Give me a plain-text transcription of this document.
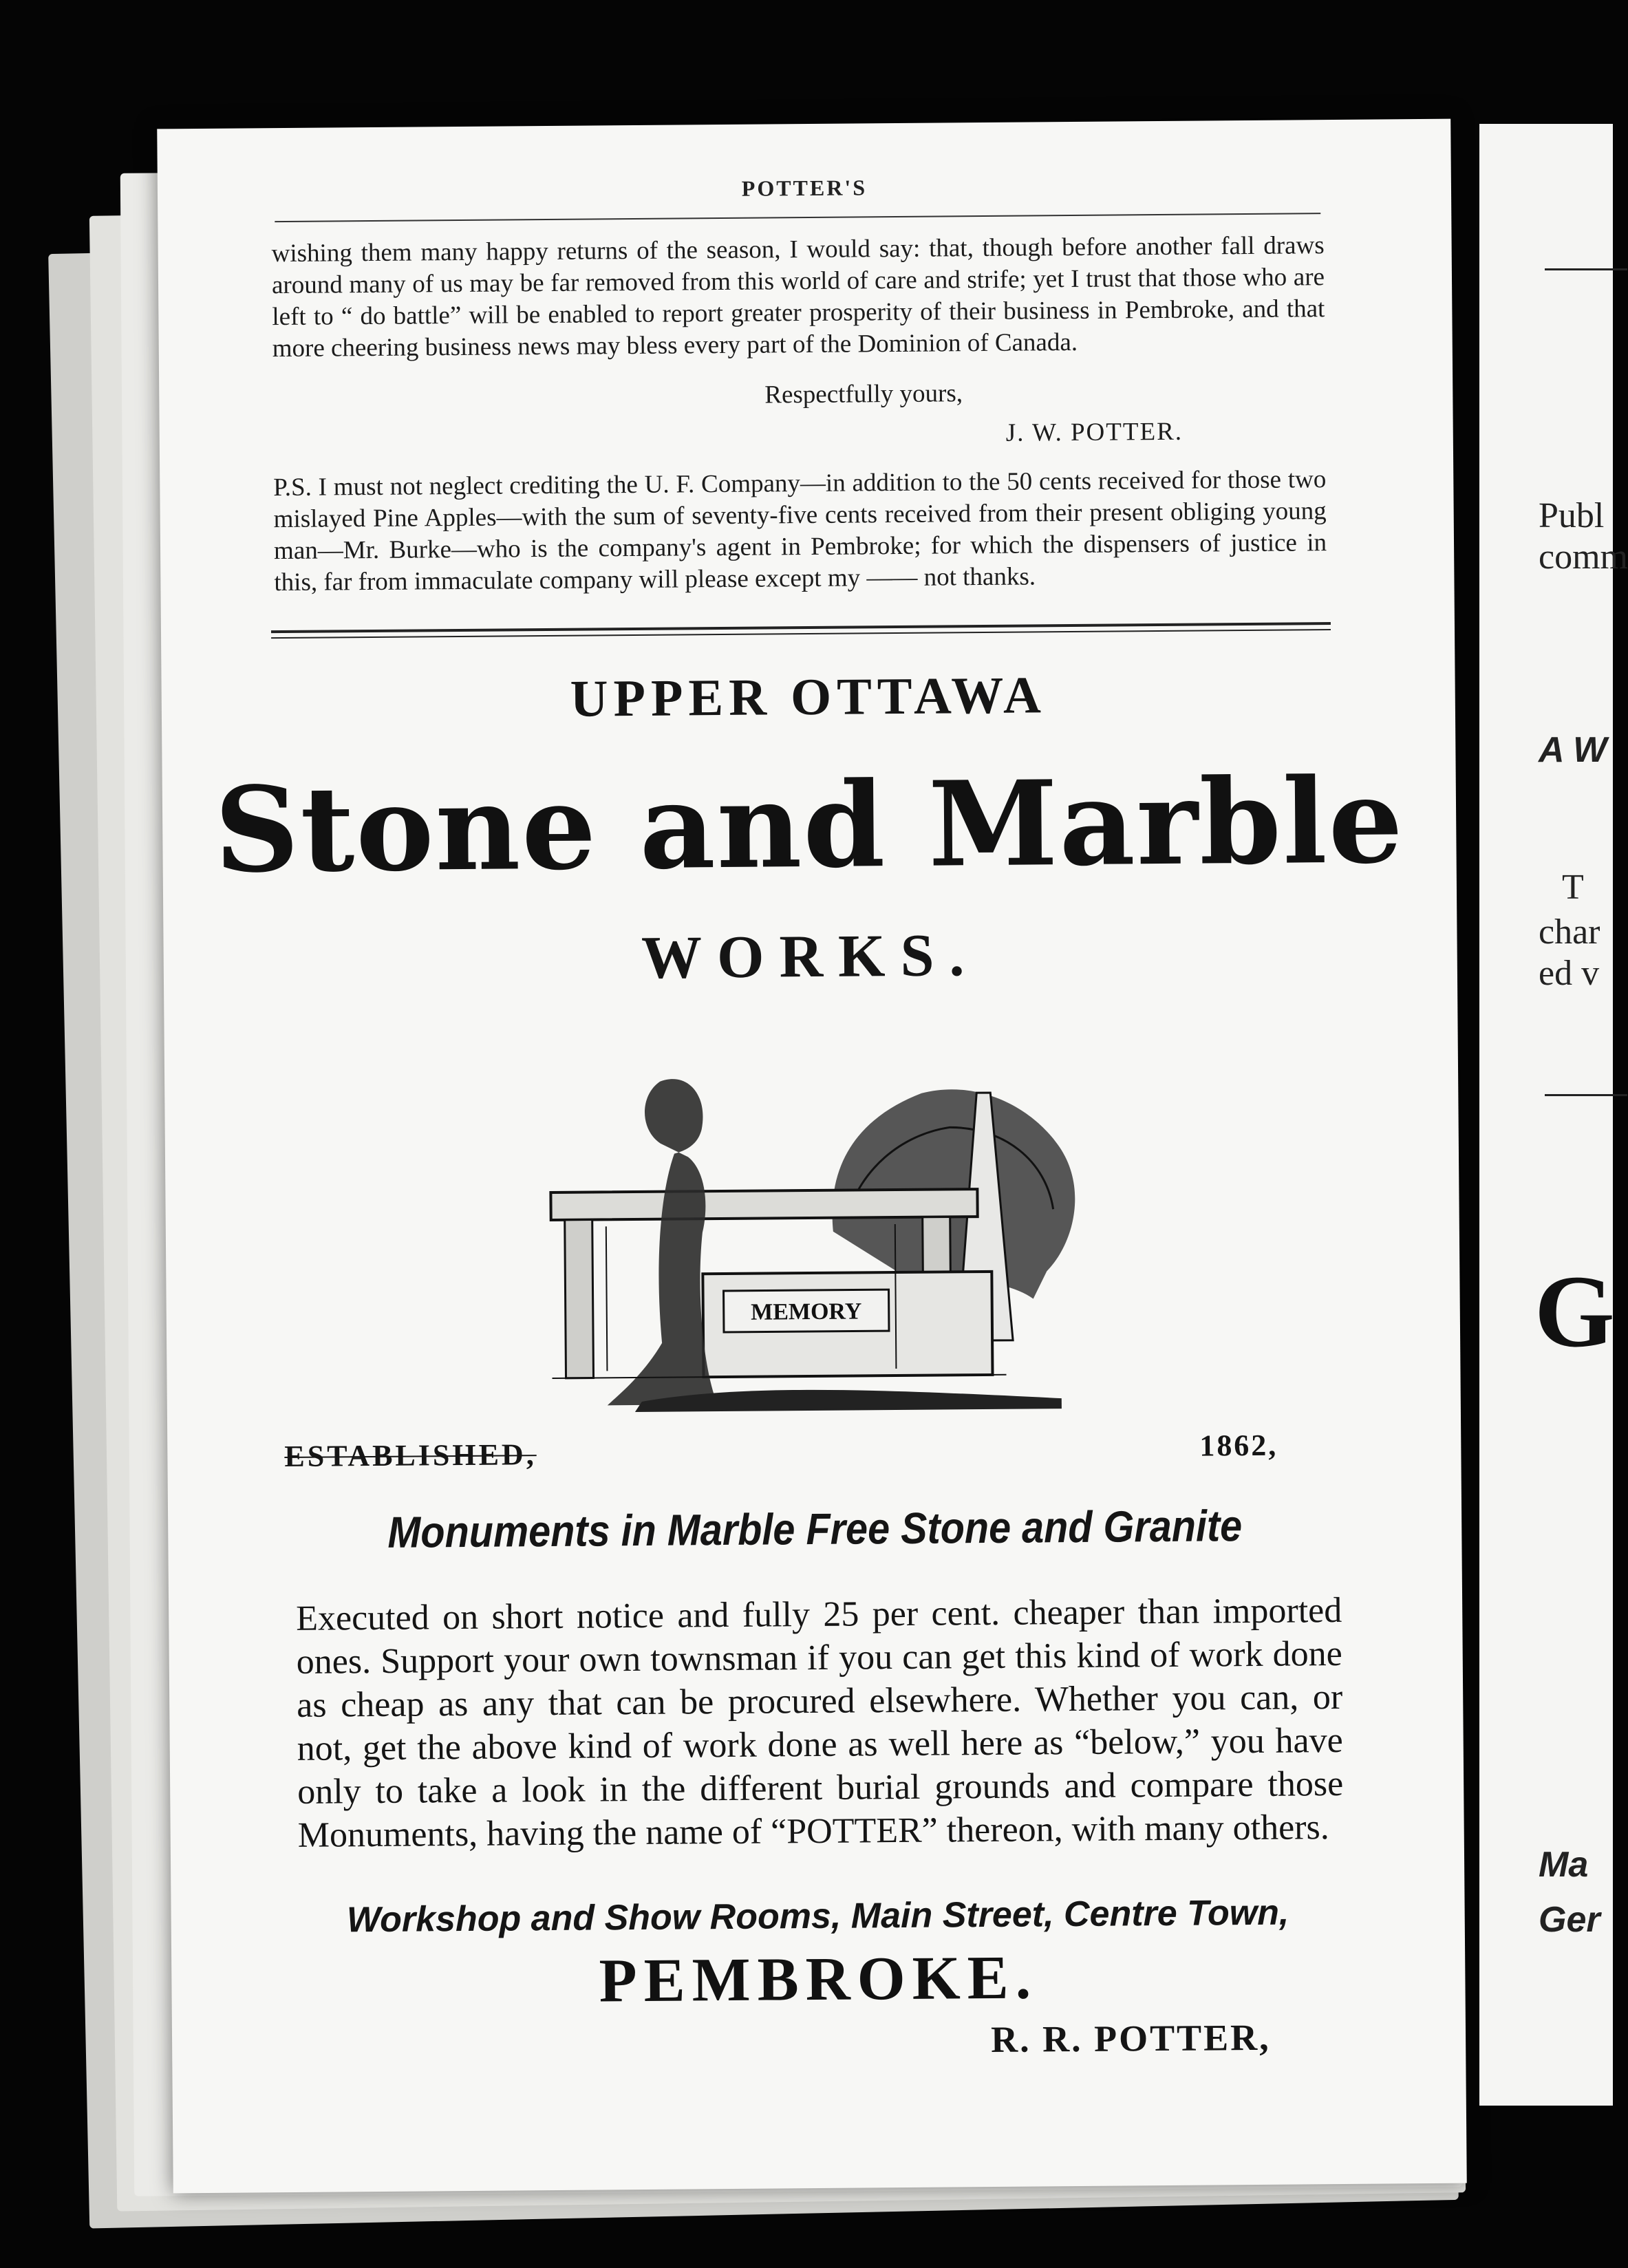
POTTER'S

wishing them many happy returns of the season, I would say: that, though before another fall draws around many of us may be far removed from this world of care and strife; yet I trust that those who are left to “ do battle” will be enabled to report greater prosperity of their business in Pembroke, and that more cheering business news may bless every part of the Dominion of Canada.

Respectfully yours,
J. W. POTTER.
P.S. I must not neglect crediting the U. F. Company—in addition to the 50 cents received for those two mislayed Pine Apples—with the sum of seventy-five cents received from their present obliging young man—Mr. Burke—who is the company's agent in Pembroke; for which the dispensers of justice in this, far from immaculate company will please except my —— not thanks.
UPPER OTTAWA
Stone and Marble
WORKS.
MEMORY
ESTABLISHED,	1862,
Monuments in Marble Free Stone and Granite
Executed on short notice and fully 25 per cent. cheaper than imported ones. Support your own townsman if you can get this kind of work done as cheap as any that can be procured elsewhere. Whether you can, or not, get the above kind of work done as well here as “below,” you have only to take a look in the different burial grounds and compare those Monuments, having the name of “POTTER” thereon, with many others.
Workshop and Show Rooms, Main Street, Centre Town,
PEMBROKE.
R. R. POTTER,
Publ
comm
A W
T
char
ed v
G
Ma
Ger
